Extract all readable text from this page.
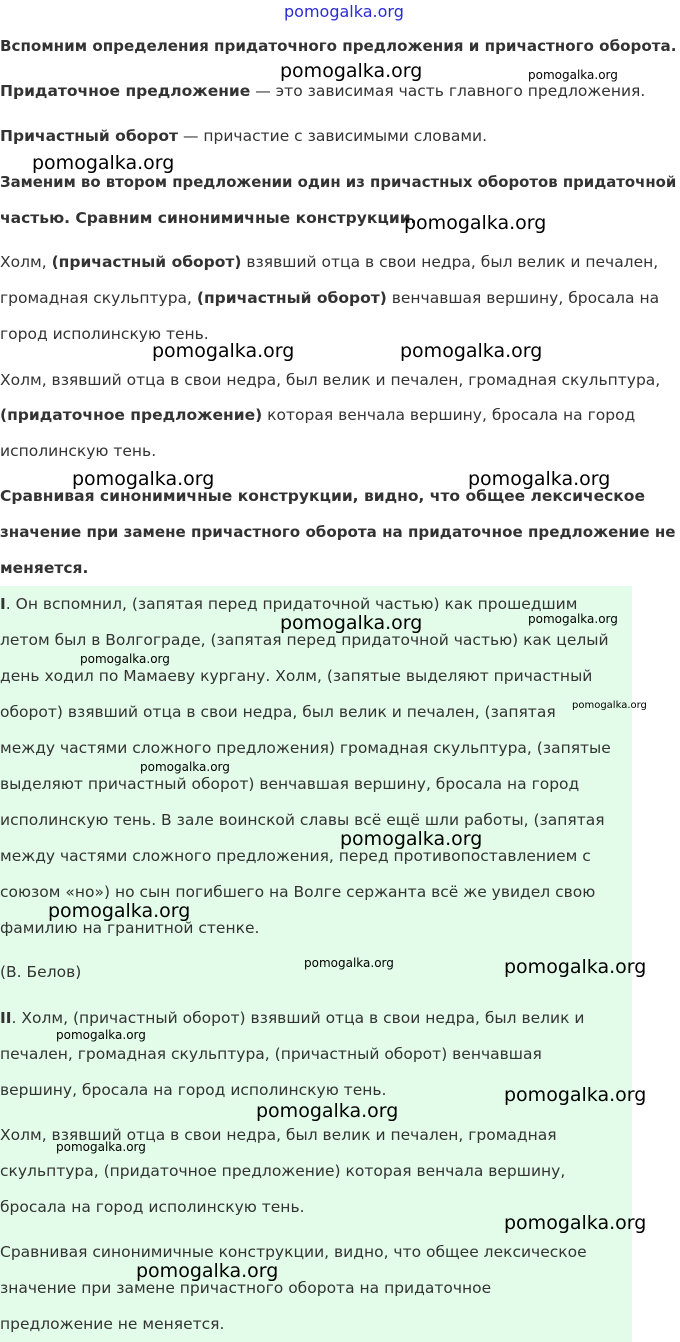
Вспомним определения придаточного предложения и причастного оборота.
Придаточное предложение — это зависимая часть главного предложения.
Причастный оборот — причастие с зависимыми словами.
Заменим во втором предложении один из причастных оборотов придаточной
частью. Сравним синонимичные конструкции.
Холм, (причастный оборот) взявший отца в свои недра, был велик и печален,
громадная скульптура, (причастный оборот) венчавшая вершину, бросала на
город исполинскую тень.
Холм, взявший отца в свои недра, был велик и печален, громадная скульптура,
(придаточное предложение) которая венчала вершину, бросала на город
исполинскую тень.
Сравнивая синонимичные конструкции, видно, что общее лексическое
значение при замене причастного оборота на придаточное предложение не
меняется.
I. Он вспомнил, (запятая перед придаточной частью) как прошедшим
летом был в Волгограде, (запятая перед придаточной частью) как целый
день ходил по Мамаеву кургану. Холм, (запятые выделяют причастный
оборот) взявший отца в свои недра, был велик и печален, (запятая
между частями сложного предложения) громадная скульптура, (запятые
выделяют причастный оборот) венчавшая вершину, бросала на город
исполинскую тень. В зале воинской славы всё ещё шли работы, (запятая
между частями сложного предложения, перед противопоставлением с
союзом «но») но сын погибшего на Волге сержанта всё же увидел свою
фамилию на гранитной стенке.
(В. Белов)
II. Холм, (причастный оборот) взявший отца в свои недра, был велик и
печален, громадная скульптура, (причастный оборот) венчавшая
вершину, бросала на город исполинскую тень.
Холм, взявший отца в свои недра, был велик и печален, громадная
скульптура, (придаточное предложение) которая венчала вершину,
бросала на город исполинскую тень.
Сравнивая синонимичные конструкции, видно, что общее лексическое
значение при замене причастного оборота на придаточное
предложение не меняется.
pomogalka.org
pomogalka.org	pomogalka.org
pomogalka.org
pomogalka.org
pomogalka.org	pomogalka.org
pomogalka.org	pomogalka.org
pomogalka.org	pomogalka.org
pomogalka.org
pomogalka.org
pomogalka.org
pomogalka.org
pomogalka.org
pomogalka.org	pomogalka.org
pomogalka.org
pomogalka.org
pomogalka.org
pomogalka.org
pomogalka.org
pomogalka.org
